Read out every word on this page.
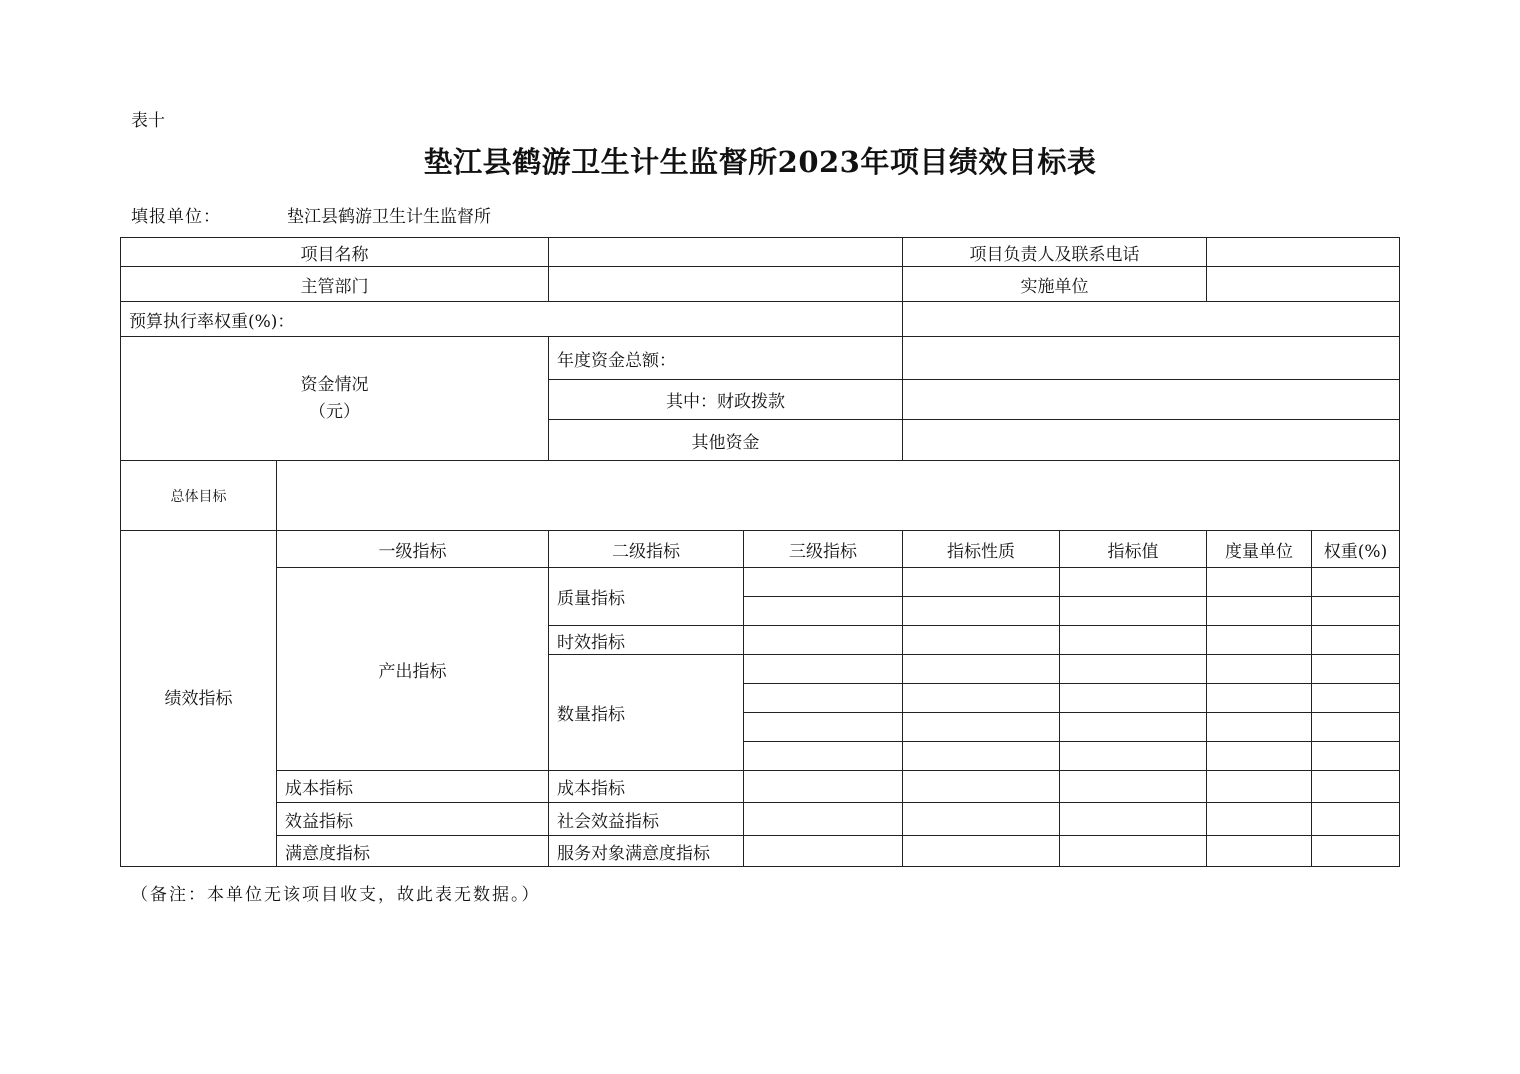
表十
垫江县鹤游卫生计生监督所2023年项目绩效目标表
填报单位：	垫江县鹤游卫生计生监督所
项目名称				项目负责人及联系电话			
主管部门				实施单位			
预算执行率权重(%)：							

资金情况
（元）		年度资金总额：					
		其中：财政拨款					
		其他资金					
总体目标							
绩效指标	一级指标	二级指标	三级指标	指标性质	指标值	度量单位	权重(%)
	产出指标	质量指标					

		时效指标					
		数量指标					

	成本指标	成本指标					
	效益指标	社会效益指标					
	满意度指标	服务对象满意度指标					
（备注：本单位无该项目收支，故此表无数据。）
